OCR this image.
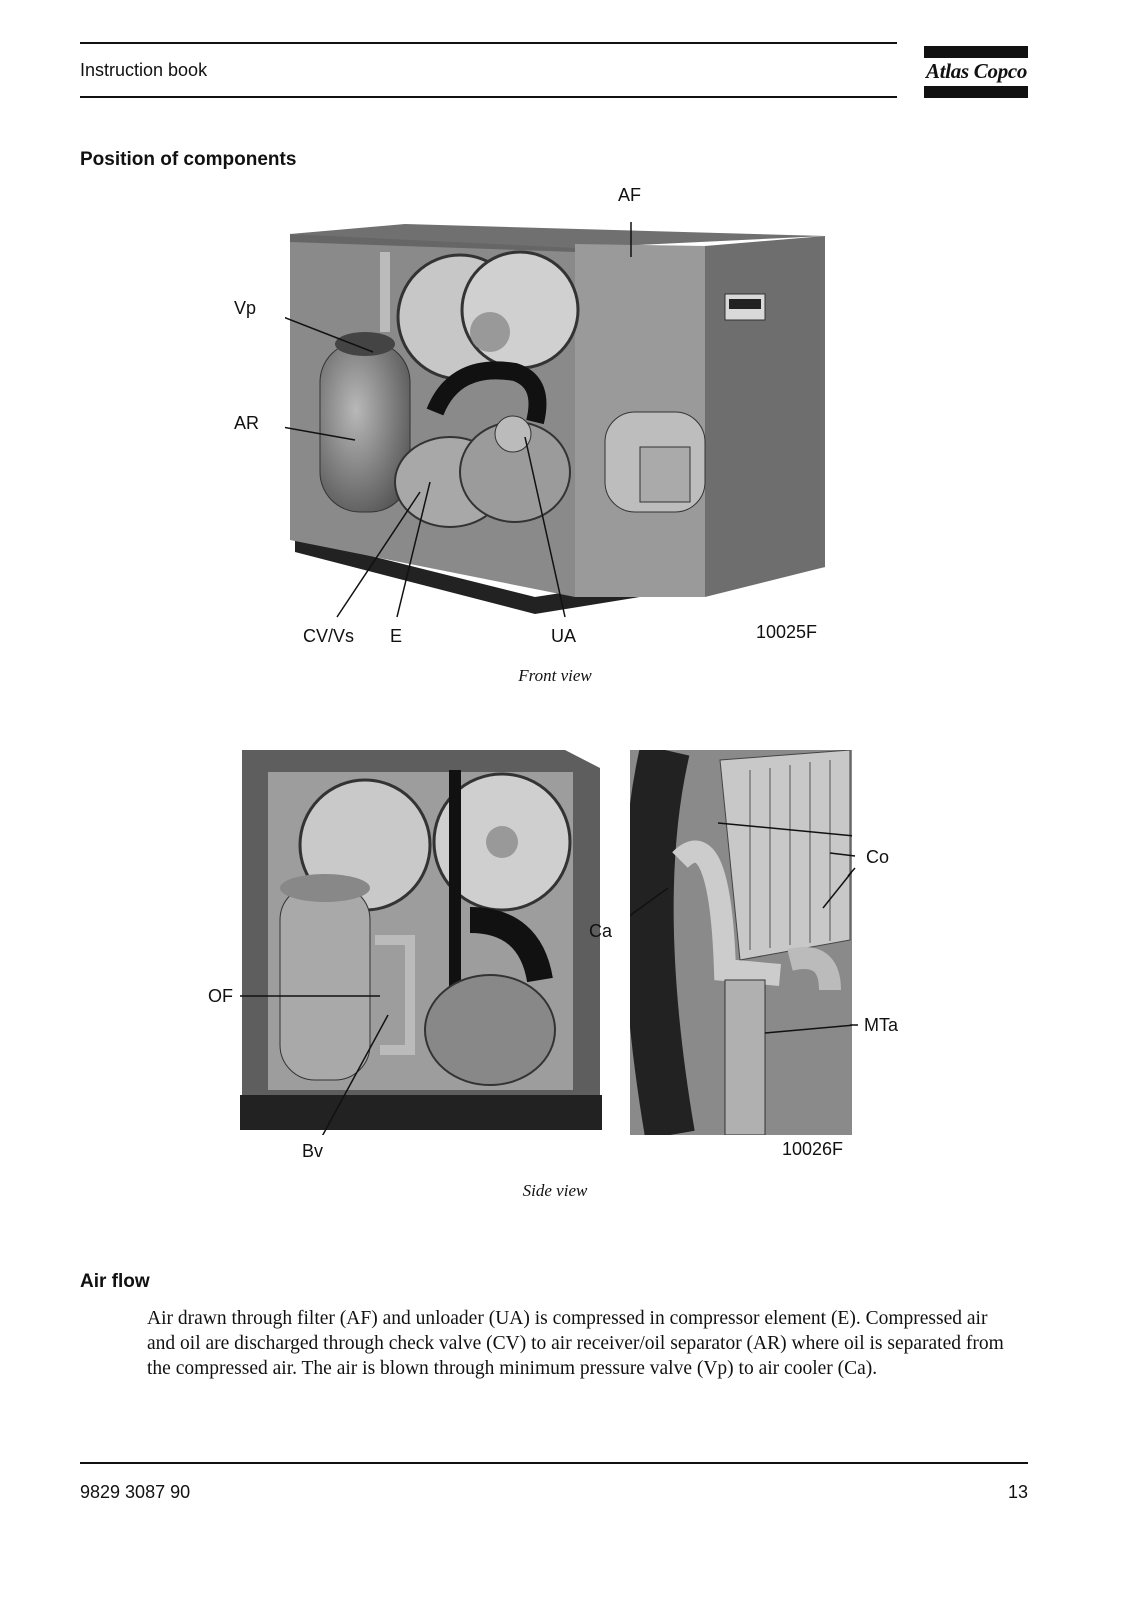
Instruction book	Atlas Copco
Position of components
AF
Vp
AR
CV/Vs E	UA	10025F
Front view
OF
Bv
Ca
Co
MTa
10026F
Side view
Air flow
Air drawn through filter (AF) and unloader (UA) is compressed in compressor element (E). Compressed air
and oil are discharged through check valve (CV) to air receiver/oil separator (AR) where oil is separated from
the compressed air. The air is blown through minimum pressure valve (Vp) to air cooler (Ca).
9829 3087 90	13
